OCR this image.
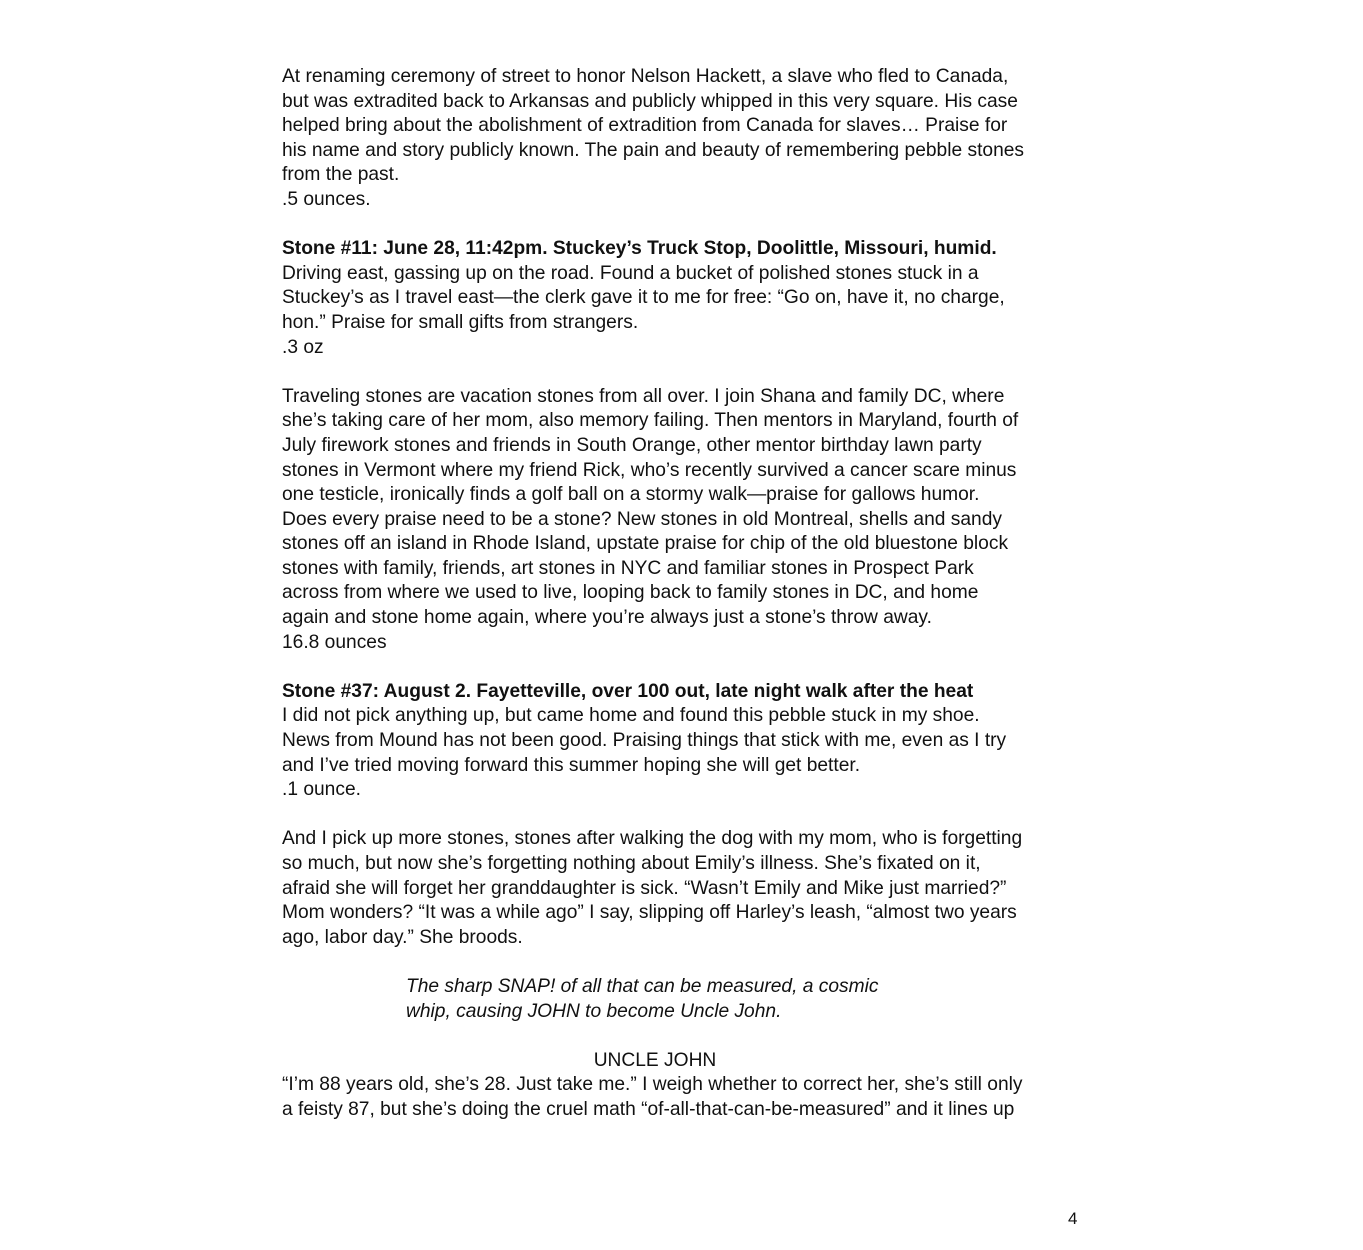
At renaming ceremony of street to honor Nelson Hackett, a slave who fled to Canada,
but was extradited back to Arkansas and publicly whipped in this very square. His case
helped bring about the abolishment of extradition from Canada for slaves… Praise for
his name and story publicly known. The pain and beauty of remembering pebble stones
from the past.
.5 ounces.
Stone #11: June 28, 11:42pm. Stuckey’s Truck Stop, Doolittle, Missouri, humid.
Driving east, gassing up on the road. Found a bucket of polished stones stuck in a
Stuckey’s as I travel east—the clerk gave it to me for free: “Go on, have it, no charge,
hon.” Praise for small gifts from strangers.
.3 oz
Traveling stones are vacation stones from all over. I join Shana and family DC, where
she’s taking care of her mom, also memory failing. Then mentors in Maryland, fourth of
July firework stones and friends in South Orange, other mentor birthday lawn party
stones in Vermont where my friend Rick, who’s recently survived a cancer scare minus
one testicle, ironically finds a golf ball on a stormy walk—praise for gallows humor.
Does every praise need to be a stone? New stones in old Montreal, shells and sandy
stones off an island in Rhode Island, upstate praise for chip of the old bluestone block
stones with family, friends, art stones in NYC and familiar stones in Prospect Park
across from where we used to live, looping back to family stones in DC, and home
again and stone home again, where you’re always just a stone’s throw away.
16.8 ounces
Stone #37: August 2. Fayetteville, over 100 out, late night walk after the heat
I did not pick anything up, but came home and found this pebble stuck in my shoe.
News from Mound has not been good. Praising things that stick with me, even as I try
and I’ve tried moving forward this summer hoping she will get better.
.1 ounce.
And I pick up more stones, stones after walking the dog with my mom, who is forgetting
so much, but now she’s forgetting nothing about Emily’s illness. She’s fixated on it,
afraid she will forget her granddaughter is sick. “Wasn’t Emily and Mike just married?”
Mom wonders? “It was a while ago” I say, slipping off Harley’s leash, “almost two years
ago, labor day.” She broods.
The sharp SNAP! of all that can be measured, a cosmic
whip, causing JOHN to become Uncle John.
UNCLE JOHN
“I’m 88 years old, she’s 28. Just take me.” I weigh whether to correct her, she’s still only
a feisty 87, but she’s doing the cruel math “of-all-that-can-be-measured” and it lines up
4
